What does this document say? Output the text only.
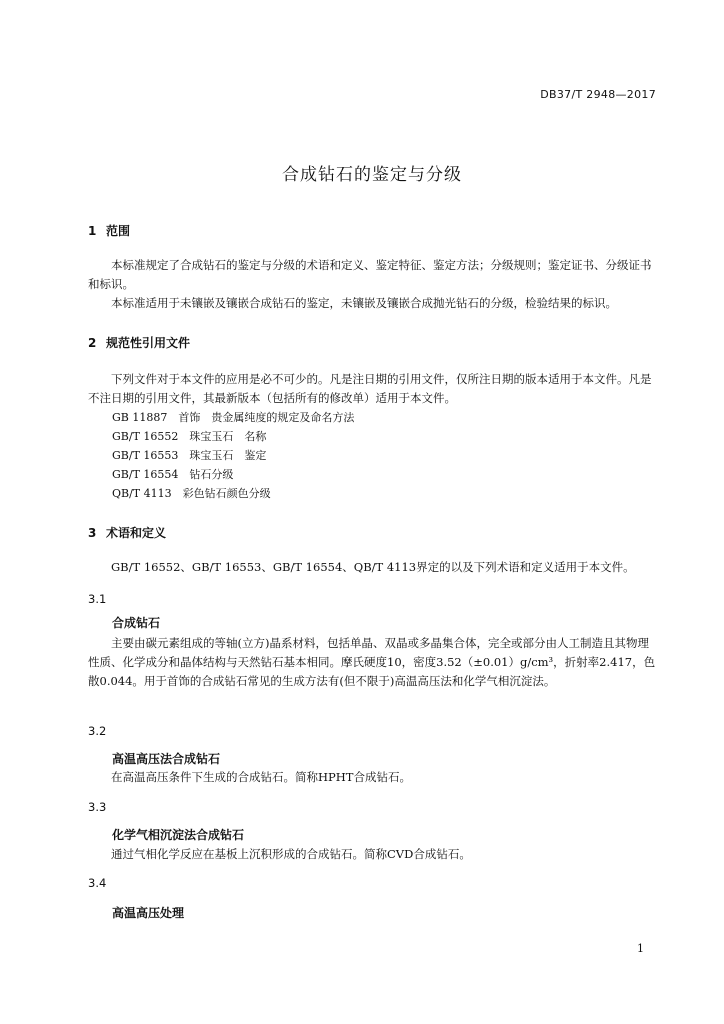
DB37/T 2948—2017
合成钻石的鉴定与分级
1 范围

本标准规定了合成钻石的鉴定与分级的术语和定义、鉴定特征、鉴定方法；分级规则；鉴定证书、分级证书和标识。

本标准适用于未镶嵌及镶嵌合成钻石的鉴定，未镶嵌及镶嵌合成抛光钻石的分级，检验结果的标识。

2 规范性引用文件

下列文件对于本文件的应用是必不可少的。凡是注日期的引用文件，仅所注日期的版本适用于本文件。凡是不注日期的引用文件，其最新版本（包括所有的修改单）适用于本文件。

GB 11887　首饰　贵金属纯度的规定及命名方法
GB/T 16552　珠宝玉石　名称
GB/T 16553　珠宝玉石　鉴定
GB/T 16554　钻石分级
QB/T 4113　彩色钻石颜色分级
3 术语和定义

GB/T 16552、GB/T 16553、GB/T 16554、QB/T 4113界定的以及下列术语和定义适用于本文件。

3.1
合成钻石

主要由碳元素组成的等轴(立方)晶系材料，包括单晶、双晶或多晶集合体，完全或部分由人工制造且其物理性质、化学成分和晶体结构与天然钻石基本相同。摩氏硬度10，密度3.52（±0.01）g/cm³，折射率2.417，色散0.044。用于首饰的合成钻石常见的生成方法有(但不限于)高温高压法和化学气相沉淀法。

3.2
高温高压法合成钻石

在高温高压条件下生成的合成钻石。简称HPHT合成钻石。

3.3
化学气相沉淀法合成钻石

通过气相化学反应在基板上沉积形成的合成钻石。简称CVD合成钻石。

3.4
高温高压处理
1
